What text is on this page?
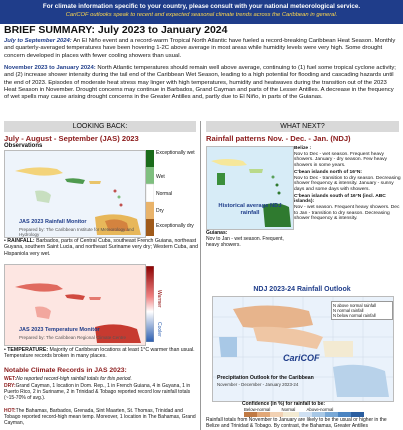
For climate information specific to your country, please consult with your national meteorological service.
CariCOF outlooks speak to recent and expected seasonal climate trends across the Caribbean in general.
BRIEF SUMMARY: July 2023 to January 2024
July to September 2024: An El Niño event and a record-warm Tropical North Atlantic have fueled a record-breaking Caribbean Heat Season. Monthly and quarterly-averaged temperatures have been hovering 1-2C above average in most areas while humidity levels were very high. Some drought concern developed in places with fewer cooling showers than usual.
November 2023 to January 2024: North Atlantic temperatures should remain well above average, continuing to (1) fuel some tropical cyclone activity; and (2) increase shower intensity during the tail end of the Caribbean Wet Season, leading to a high potential for flooding and cascading hazards until the end of 2023. Episodes of moderate heat stress may linger with high temperatures, humidity and heatwaves during the transition out of the 2023 Heat Season in November. Drought concerns may continue in Barbados, Grand Cayman and parts of the Lesser Antilles. A decrease in the frequency of wet spells may cause arising drought concerns in the Greater Antilles and, partly due to El Niño, in parts of the Guianas.
LOOKING BACK:	WHAT NEXT?
July - August - September (JAS) 2023
Observations
JAS 2023 Rainfall Monitor
Prepared by: The Caribbean Institute for Meteorology and Hydrology
Exceptionally wet
Wet
Normal
Dry
Exceptionally dry
• RAINFALL: Barbados, parts of Central Cuba, southeast French Guiana, northeast Guyana, southern Saint Lucia, and northeast Suriname very dry; Western Cuba, and Hispaniola very wet.
JAS 2023 Temperature Monitor
Prepared by: The Caribbean Regional Climate Centre
Warmer
Cooler
• TEMPERATURE: Majority of Caribbean locations at least 1°C warmer than usual. Temperature records broken in many places.
Notable Climate Records in JAS 2023:
WET:No reported record-high rainfall totals for this period.
DRY:Grand Cayman, 1 location in Dom. Rep., 1 in French Guiana, 4 in Guyana, 1 in Puerto Rico, 2 in Suriname, 2 in Trinidad & Tobago reported record low rainfall totals (~15-70% of avg.).
HOT:The Bahamas, Barbados, Grenada, Sint Maarten, St. Thomas, Trinidad and Tobago reported record-high mean temp. Moreover, 1 location in The Bahamas, Grand Cayman,
Rainfall patterns Nov. - Dec. - Jan. (NDJ)
Historical average NDJ rainfall
Belize :
Nov to Dec - wet season. Frequent heavy showers. January - dry season. Few heavy showers in some years.
C'bean islands north of 16°N:
Nov to Dec - transition to dry season. Decreasing shower frequency & intensity. January - sunny days and some days with showers.
C'bean islands south of 16°N (incl. ABC islands):
Nov - wet season. Frequent heavy showers. Dec to Jan - transition to dry season. Decreasing shower frequency & intensity.
Guianas:
Nov to Jan - wet season. Frequent, heavy showers.
NDJ 2023-24 Rainfall Outlook
N above normal rainfall
N normal rainfall
N below normal rainfall
CariCOF
Precipitation Outlook for the Caribbean
November - December - January 2023-24
Confidence (in %) for rainfall to be:
Below-normal	Normal	Above-normal
Rainfall totals from November to January are likely to be the usual or higher in the Belize and Trinidad & Tobago. By contrast, the Bahamas, Greater Antilles
